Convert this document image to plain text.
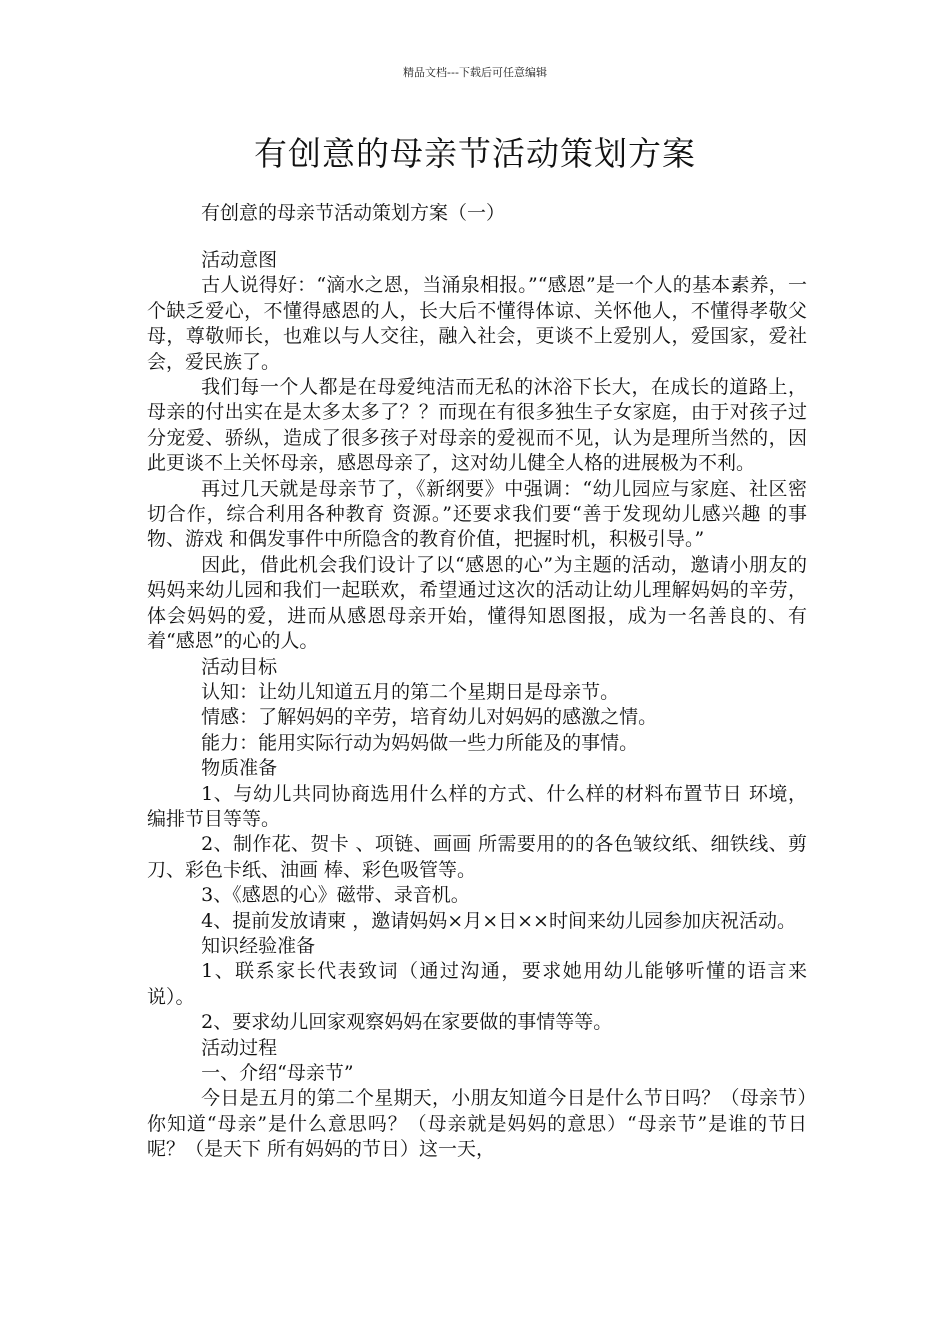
精品文档---下载后可任意编辑
有创意的母亲节活动策划方案
有创意的母亲节活动策划方案（一）

活动意图

古人说得好：“滴水之恩，当涌泉相报。”“感恩”是一个人的基本素养，一个缺乏爱心，不懂得感恩的人，长大后不懂得体谅、关怀他人，不懂得孝敬父母，尊敬师长，也难以与人交往，融入社会，更谈不上爱别人，爱国家，爱社会，爱民族了。

我们每一个人都是在母爱纯洁而无私的沐浴下长大，在成长的道路上，母亲的付出实在是太多太多了？？而现在有很多独生子女家庭，由于对孩子过分宠爱、骄纵，造成了很多孩子对母亲的爱视而不见，认为是理所当然的，因此更谈不上关怀母亲，感恩母亲了，这对幼儿健全人格的进展极为不利。

再过几天就是母亲节了，《新纲要》中强调：“幼儿园应与家庭、社区密切合作，综合利用各种教育 资源。”还要求我们要“善于发现幼儿感兴趣 的事物、游戏 和偶发事件中所隐含的教育价值，把握时机，积极引导。”

因此，借此机会我们设计了以“感恩的心”为主题的活动，邀请小朋友的妈妈来幼儿园和我们一起联欢，希望通过这次的活动让幼儿理解妈妈的辛劳，体会妈妈的爱，进而从感恩母亲开始，懂得知恩图报，成为一名善良的、有着“感恩”的心的人。

活动目标

认知：让幼儿知道五月的第二个星期日是母亲节。

情感：了解妈妈的辛劳，培育幼儿对妈妈的感激之情。

能力：能用实际行动为妈妈做一些力所能及的事情。

物质准备

1、与幼儿共同协商选用什么样的方式、什么样的材料布置节日 环境，编排节目等等。

2、制作花、贺卡 、项链、画画 所需要用的的各色皱纹纸、细铁线、剪刀、彩色卡纸、油画 棒、彩色吸管等。

3、《感恩的心》磁带、录音机。

4、提前发放请柬 ，邀请妈妈×月×日××时间来幼儿园参加庆祝活动。

知识经验准备

1、联系家长代表致词（通过沟通，要求她用幼儿能够听懂的语言来说）。

2、要求幼儿回家观察妈妈在家要做的事情等等。

活动过程

一、介绍“母亲节”

今日是五月的第二个星期天，小朋友知道今日是什么节日吗？（母亲节）你知道“母亲”是什么意思吗？（母亲就是妈妈的意思）“母亲节”是谁的节日呢？（是天下 所有妈妈的节日）这一天，
